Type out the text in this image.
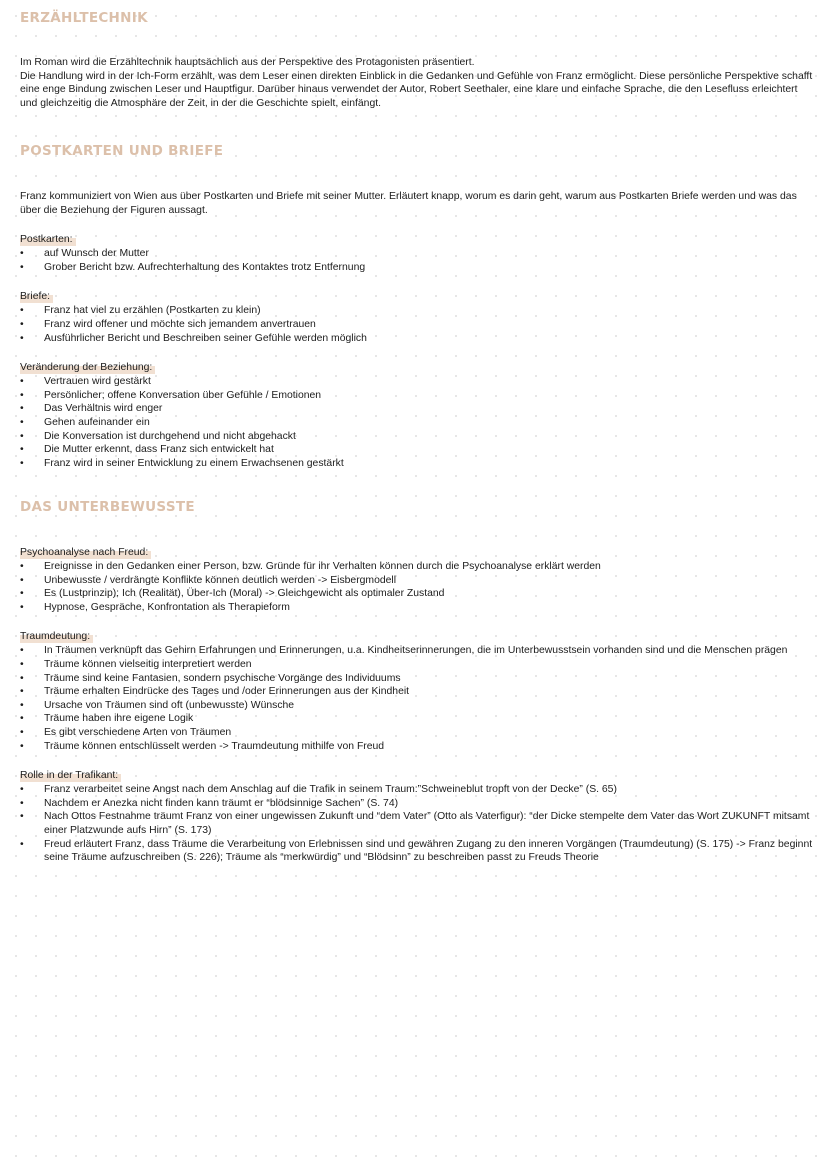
ERZÄHLTECHNIK

Im Roman wird die Erzähltechnik hauptsächlich aus der Perspektive des Protagonisten präsentiert.

Die Handlung wird in der Ich-Form erzählt, was dem Leser einen direkten Einblick in die Gedanken und Gefühle von Franz ermöglicht. Diese persönliche Perspektive schafft eine enge Bindung zwischen Leser und Hauptfigur. Darüber hinaus verwendet der Autor, Robert Seethaler, eine klare und einfache Sprache, die den Lesefluss erleichtert und gleichzeitig die Atmosphäre der Zeit, in der die Geschichte spielt, einfängt.

POSTKARTEN UND BRIEFE

Franz kommuniziert von Wien aus über Postkarten und Briefe mit seiner Mutter. Erläutert knapp, worum es darin geht, warum aus Postkarten Briefe werden und was das über die Beziehung der Figuren aussagt.

Postkarten:
• auf Wunsch der Mutter
• Grober Bericht bzw. Aufrechterhaltung des Kontaktes trotz Entfernung
Briefe:
• Franz hat viel zu erzählen (Postkarten zu klein)
• Franz wird offener und möchte sich jemandem anvertrauen
• Ausführlicher Bericht und Beschreiben seiner Gefühle werden möglich
Veränderung der Beziehung:
• Vertrauen wird gestärkt
• Persönlicher; offene Konversation über Gefühle / Emotionen
• Das Verhältnis wird enger
• Gehen aufeinander ein
• Die Konversation ist durchgehend und nicht abgehackt
• Die Mutter erkennt, dass Franz sich entwickelt hat
• Franz wird in seiner Entwicklung zu einem Erwachsenen gestärkt
DAS UNTERBEWUSSTE
Psychoanalyse nach Freud:
• Ereignisse in den Gedanken einer Person, bzw. Gründe für ihr Verhalten können durch die Psychoanalyse erklärt werden
• Unbewusste / verdrängte Konflikte können deutlich werden -> Eisbergmodell
• Es (Lustprinzip); Ich (Realität), Über-Ich (Moral) -> Gleichgewicht als optimaler Zustand
• Hypnose, Gespräche, Konfrontation als Therapieform
Traumdeutung:
• In Träumen verknüpft das Gehirn Erfahrungen und Erinnerungen, u.a. Kindheitserinnerungen, die im Unterbewusstsein vorhanden sind und die Menschen prägen
• Träume können vielseitig interpretiert werden
• Träume sind keine Fantasien, sondern psychische Vorgänge des Individuums
• Träume erhalten Eindrücke des Tages und /oder Erinnerungen aus der Kindheit
• Ursache von Träumen sind oft (unbewusste) Wünsche
• Träume haben ihre eigene Logik
• Es gibt verschiedene Arten von Träumen
• Träume können entschlüsselt werden -> Traumdeutung mithilfe von Freud
Rolle in der Trafikant:
• Franz verarbeitet seine Angst nach dem Anschlag auf die Trafik in seinem Traum:”Schweineblut tropft von der Decke” (S. 65)
• Nachdem er Anezka nicht finden kann träumt er “blödsinnige Sachen” (S. 74)
• Nach Ottos Festnahme träumt Franz von einer ungewissen Zukunft und “dem Vater” (Otto als Vaterfigur): “der Dicke stempelte dem Vater das Wort ZUKUNFT mitsamt einer Platzwunde aufs Hirn” (S. 173)
• Freud erläutert Franz, dass Träume die Verarbeitung von Erlebnissen sind und gewähren Zugang zu den inneren Vorgängen (Traumdeutung) (S. 175) -> Franz beginnt seine Träume aufzuschreiben (S. 226); Träume als “merkwürdig” und “Blödsinn” zu beschreiben passt zu Freuds Theorie
